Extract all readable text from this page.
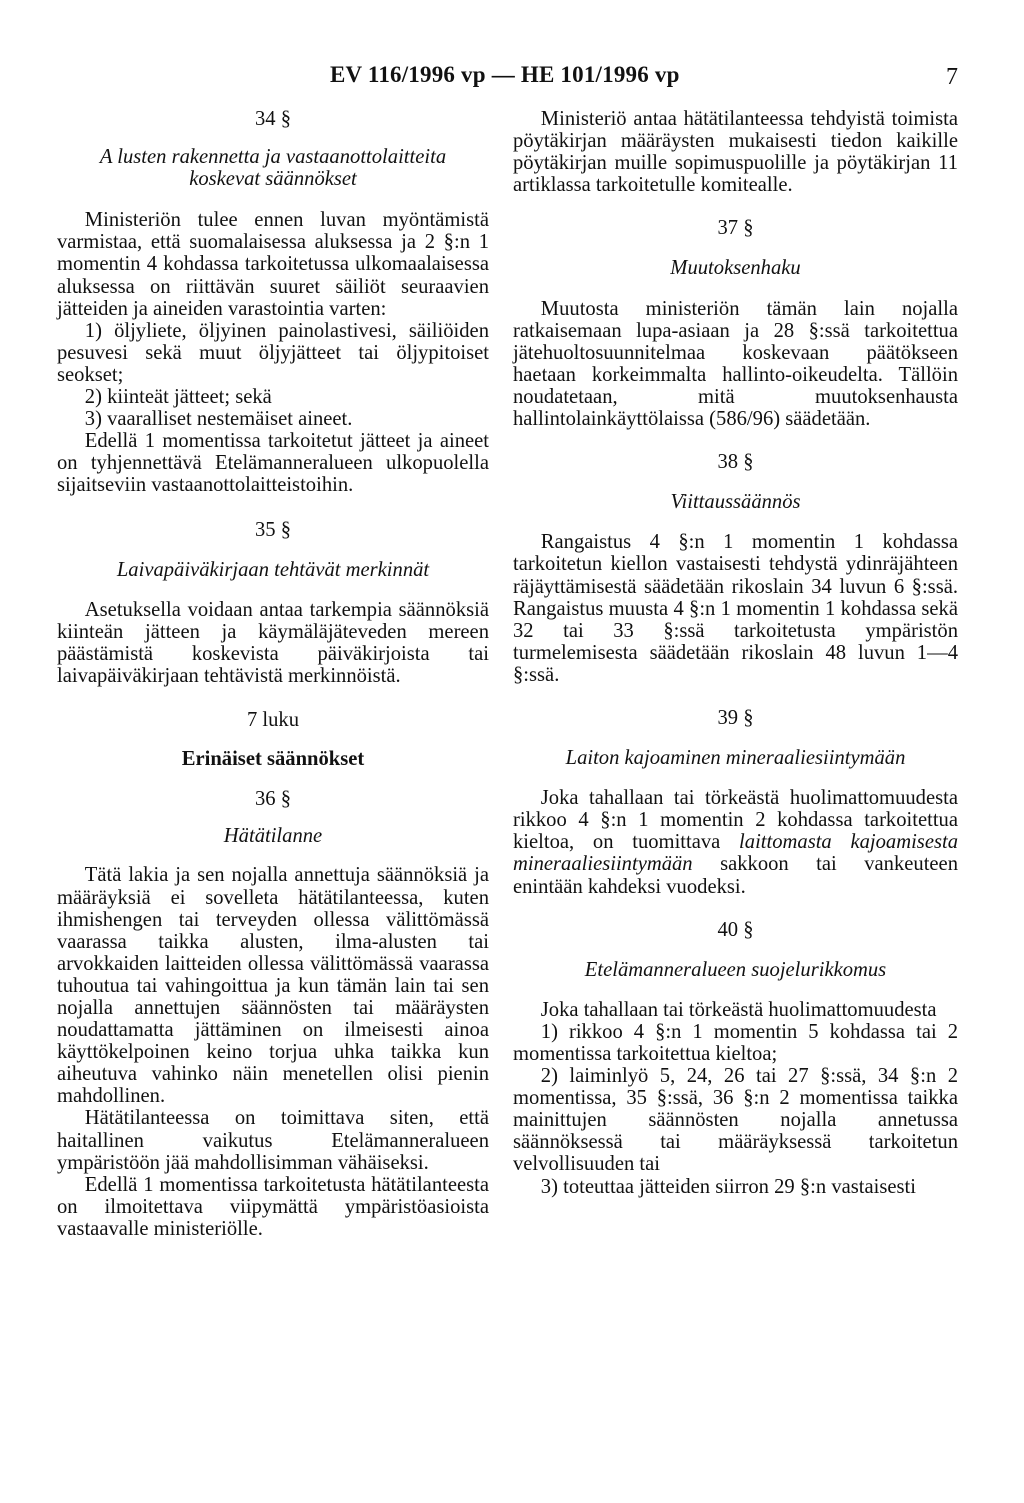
EV 116/1996 vp — HE 101/1996 vp	7
34 §
A lusten rakennetta ja vastaanottolaitteita koskevat säännökset

Ministeriön tulee ennen luvan myöntämistä varmistaa, että suomalaisessa aluksessa ja 2 §:n 1 momentin 4 kohdassa tarkoitetussa ulkomaalaisessa aluksessa on riittävän suuret säiliöt seuraavien jätteiden ja aineiden varastointia varten:

1) öljyliete, öljyinen painolastivesi, säiliöiden pesuvesi sekä muut öljyjätteet tai öljypitoiset seokset;

2) kiinteät jätteet; sekä

3) vaaralliset nestemäiset aineet.

Edellä 1 momentissa tarkoitetut jätteet ja aineet on tyhjennettävä Etelämanneralueen ulkopuolella sijaitseviin vastaanottolaitteistoihin.

35 §
Laivapäiväkirjaan tehtävät merkinnät

Asetuksella voidaan antaa tarkempia säännöksiä kiinteän jätteen ja käymäläjäteveden mereen päästämistä koskevista päiväkirjoista tai laivapäiväkirjaan tehtävistä merkinnöistä.

7 luku
Erinäiset säännökset
36 §
Hätätilanne

Tätä lakia ja sen nojalla annettuja säännöksiä ja määräyksiä ei sovelleta hätätilanteessa, kuten ihmishengen tai terveyden ollessa välittömässä vaarassa taikka alusten, ilma-alusten tai arvokkaiden laitteiden ollessa välittömässä vaarassa tuhoutua tai vahingoittua ja kun tämän lain tai sen nojalla annettujen säännösten tai määräysten noudattamatta jättäminen on ilmeisesti ainoa käyttökelpoinen keino torjua uhka taikka kun aiheutuva vahinko näin menetellen olisi pienin mahdollinen.

Hätätilanteessa on toimittava siten, että haitallinen vaikutus Etelämanneralueen ympäristöön jää mahdollisimman vähäiseksi.

Edellä 1 momentissa tarkoitetusta hätätilanteesta on ilmoitettava viipymättä ympäristöasioista vastaavalle ministeriölle.

Ministeriö antaa hätätilanteessa tehdyistä toimista pöytäkirjan määräysten mukaisesti tiedon kaikille pöytäkirjan muille sopimuspuolille ja pöytäkirjan 11 artiklassa tarkoitetulle komitealle.

37 §
Muutoksenhaku

Muutosta ministeriön tämän lain nojalla ratkaisemaan lupa-asiaan ja 28 §:ssä tarkoitettua jätehuoltosuunnitelmaa koskevaan päätökseen haetaan korkeimmalta hallinto-oikeudelta. Tällöin noudatetaan, mitä muutoksenhausta hallintolainkäyttölaissa (586/96) säädetään.

38 §
Viittaussäännös

Rangaistus 4 §:n 1 momentin 1 kohdassa tarkoitetun kiellon vastaisesti tehdystä ydinräjähteen räjäyttämisestä säädetään rikoslain 34 luvun 6 §:ssä. Rangaistus muusta 4 §:n 1 momentin 1 kohdassa sekä 32 tai 33 §:ssä tarkoitetusta ympäristön turmelemisesta säädetään rikoslain 48 luvun 1—4 §:ssä.

39 §
Laiton kajoaminen mineraaliesiintymään

Joka tahallaan tai törkeästä huolimattomuudesta rikkoo 4 §:n 1 momentin 2 kohdassa tarkoitettua kieltoa, on tuomittava laittomasta kajoamisesta mineraaliesiintymään sakkoon tai vankeuteen enintään kahdeksi vuodeksi.

40 §
Etelämanneralueen suojelurikkomus

Joka tahallaan tai törkeästä huolimattomuudesta

1) rikkoo 4 §:n 1 momentin 5 kohdassa tai 2 momentissa tarkoitettua kieltoa;

2) laiminlyö 5, 24, 26 tai 27 §:ssä, 34 §:n 2 momentissa, 35 §:ssä, 36 §:n 2 momentissa taikka mainittujen säännösten nojalla annetussa säännöksessä tai määräyksessä tarkoitetun velvollisuuden tai

3) toteuttaa jätteiden siirron 29 §:n vastaisesti
